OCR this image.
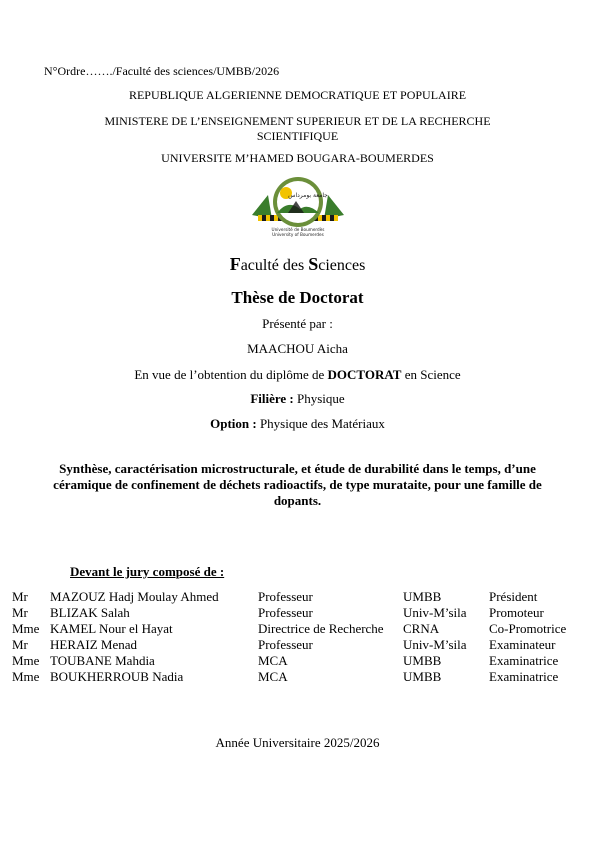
N°Ordre……./Faculté des sciences/UMBB/2026
REPUBLIQUE ALGERIENNE DEMOCRATIQUE ET POPULAIRE
MINISTERE DE L’ENSEIGNEMENT SUPERIEUR ET DE LA RECHERCHE
SCIENTIFIQUE
UNIVERSITE M’HAMED BOUGARA-BOUMERDES
جامعة بومرداس
Université de Boumerdès
University of Boumerdes
Faculté des Sciences
Thèse de Doctorat
Présenté par :
MAACHOU Aicha
En vue de l’obtention du diplôme de DOCTORAT en Science
Filière : Physique
Option : Physique des Matériaux
Synthèse, caractérisation microstructurale, et étude de durabilité dans le temps, d’une céramique de confinement de déchets radioactifs, de type murataite, pour une famille de dopants.
Devant le jury composé de :
Mr	MAZOUZ Hadj Moulay Ahmed	Professeur	UMBB	Président
Mr	BLIZAK Salah	Professeur	Univ-M’sila	Promoteur
Mme	KAMEL Nour el Hayat	Directrice de Recherche	CRNA	Co-Promotrice
Mr	HERAIZ Menad	Professeur	Univ-M’sila	Examinateur
Mme	TOUBANE Mahdia	MCA	UMBB	Examinatrice
Mme	BOUKHERROUB Nadia	MCA	UMBB	Examinatrice
Année Universitaire 2025/2026
